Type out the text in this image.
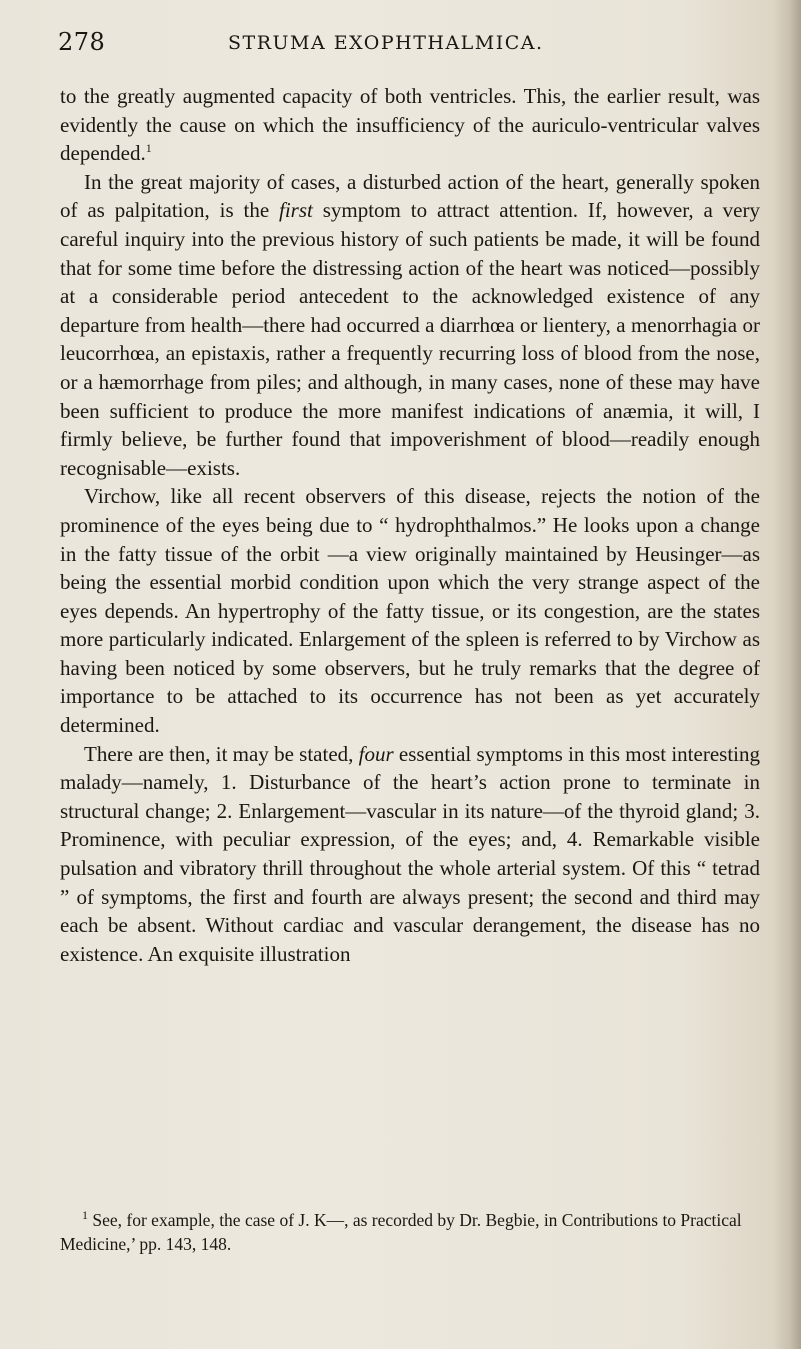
278	STRUMA EXOPHTHALMICA.

to the greatly augmented capacity of both ventricles. This, the earlier result, was evidently the cause on which the insufficiency of the auriculo-ventricular valves depended.$^1$

In the great majority of cases, a disturbed action of the heart, generally spoken of as palpitation, is the first symptom to attract attention. If, however, a very careful inquiry into the previous history of such patients be made, it will be found that for some time before the distressing action of the heart was noticed—possibly at a considerable period antecedent to the acknowledged existence of any departure from health—there had occurred a diarrhœa or lientery, a menorrhagia or leucorrhœa, an epistaxis, rather a frequently recurring loss of blood from the nose, or a hæmorrhage from piles; and although, in many cases, none of these may have been sufficient to produce the more manifest indications of anæmia, it will, I firmly believe, be further found that impoverishment of blood—readily enough recognisable—exists.

Virchow, like all recent observers of this disease, rejects the notion of the prominence of the eyes being due to “ hydrophthalmos.” He looks upon a change in the fatty tissue of the orbit —a view originally maintained by Heusinger—as being the essential morbid condition upon which the very strange aspect of the eyes depends. An hypertrophy of the fatty tissue, or its congestion, are the states more particularly indicated. Enlargement of the spleen is referred to by Virchow as having been noticed by some observers, but he truly remarks that the degree of importance to be attached to its occurrence has not been as yet accurately determined.

There are then, it may be stated, four essential symptoms in this most interesting malady—namely, 1. Disturbance of the heart’s action prone to terminate in structural change; 2. Enlargement—vascular in its nature—of the thyroid gland; 3. Prominence, with peculiar expression, of the eyes; and, 4. Remarkable visible pulsation and vibratory thrill throughout the whole arterial system. Of this “ tetrad ” of symptoms, the first and fourth are always present; the second and third may each be absent. Without cardiac and vascular derangement, the disease has no existence. An exquisite illustration

$^1$ See, for example, the case of J. K—, as recorded by Dr. Begbie, in Contributions to Practical Medicine,’ pp. 143, 148.
